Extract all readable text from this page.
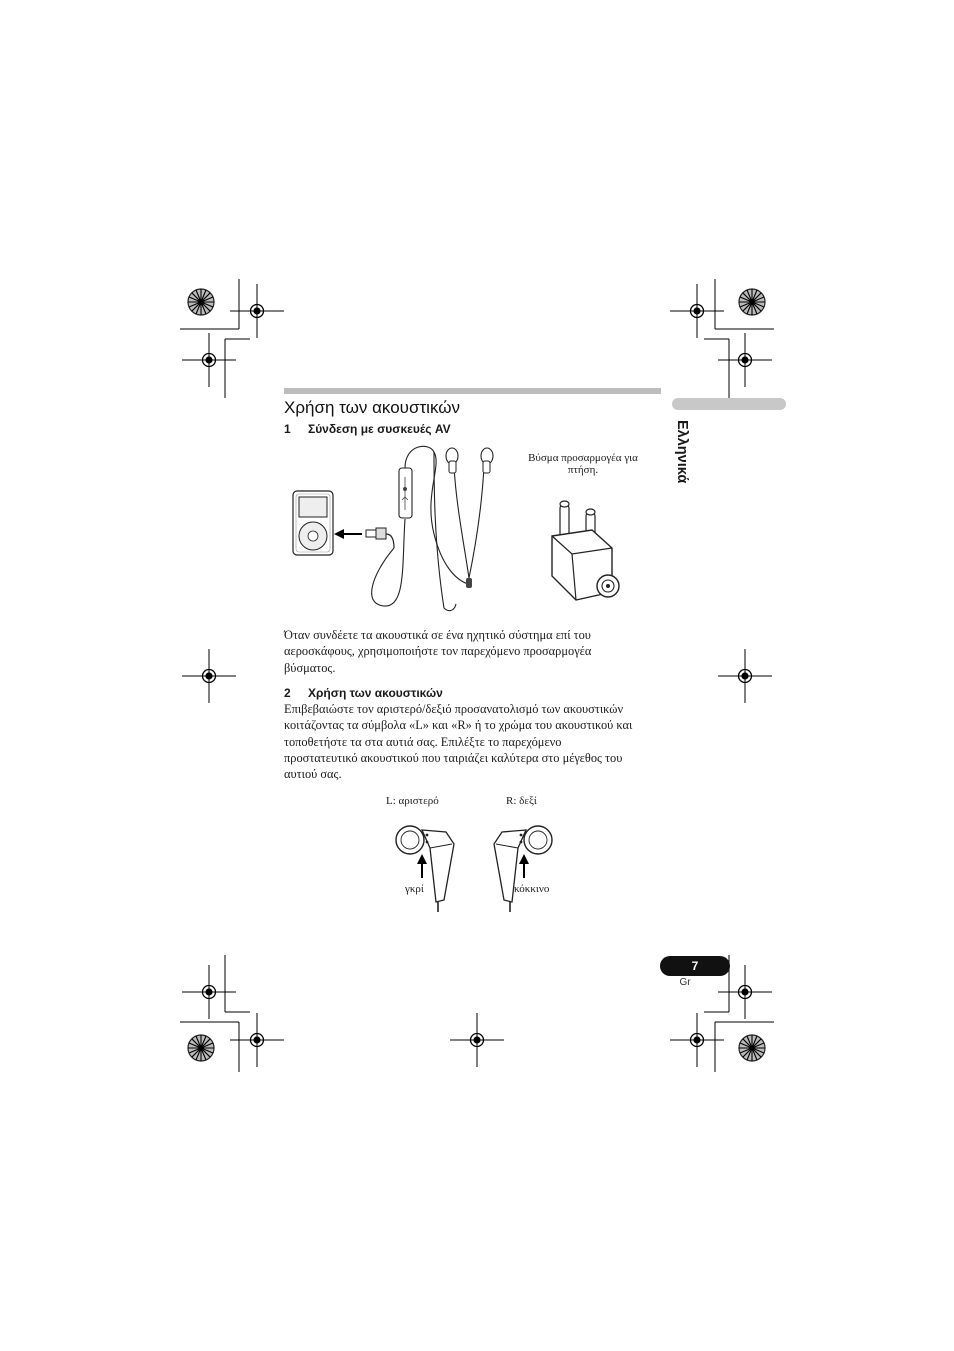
Χρήση των ακουστικών
1 Σύνδεση με συσκευές AV
Βύσμα προσαρμογέα για
πτήση.
Όταν συνδέετε τα ακουστικά σε ένα ηχητικό σύστημα επί του
αεροσκάφους, χρησιμοποιήστε τον παρεχόμενο προσαρμογέα
βύσματος.
2 Χρήση των ακουστικών
Επιβεβαιώστε τον αριστερό/δεξιό προσανατολισμό των ακουστικών
κοιτάζοντας τα σύμβολα «L» και «R» ή το χρώμα του ακουστικού και
τοποθετήστε τα στα αυτιά σας. Επιλέξτε το παρεχόμενο
προστατευτικό ακουστικού που ταιριάζει καλύτερα στο μέγεθος του
αυτιού σας.
L: αριστερό	R: δεξί
γκρί	κόκκινο
Ελληνικά
7
Gr
